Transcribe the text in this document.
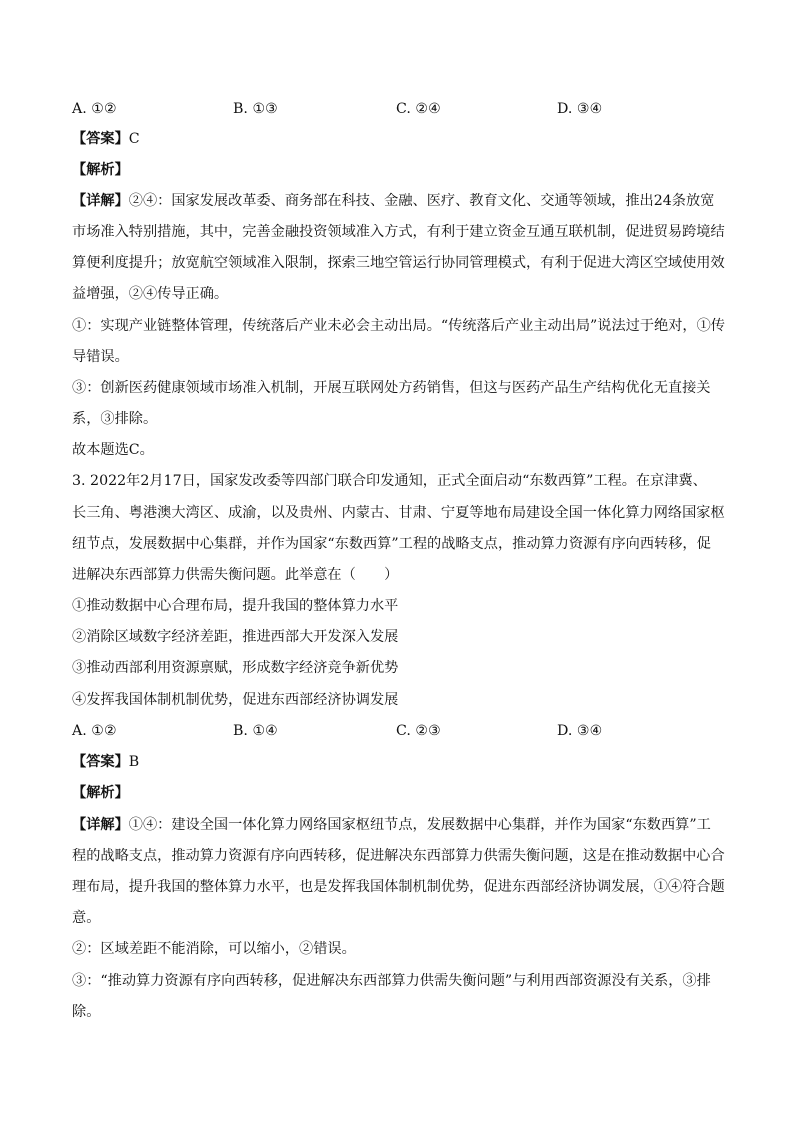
A. ①②	B. ①③	C. ②④	D. ③④
【答案】C
【解析】
【详解】②④：国家发展改革委、商务部在科技、金融、医疗、教育文化、交通等领域，推出24条放宽
市场准入特别措施，其中，完善金融投资领域准入方式，有利于建立资金互通互联机制，促进贸易跨境结
算便利度提升；放宽航空领域准入限制，探索三地空管运行协同管理模式，有利于促进大湾区空域使用效
益增强，②④传导正确。
①：实现产业链整体管理，传统落后产业未必会主动出局。“传统落后产业主动出局”说法过于绝对，①传
导错误。
③：创新医药健康领域市场准入机制，开展互联网处方药销售，但这与医药产品生产结构优化无直接关
系，③排除。
故本题选C。
3. 2022年2月17日，国家发改委等四部门联合印发通知，正式全面启动“东数西算”工程。在京津冀、
长三角、粤港澳大湾区、成渝，以及贵州、内蒙古、甘肃、宁夏等地布局建设全国一体化算力网络国家枢
纽节点，发展数据中心集群，并作为国家“东数西算”工程的战略支点，推动算力资源有序向西转移，促
进解决东西部算力供需失衡问题。此举意在（　　）
①推动数据中心合理布局，提升我国的整体算力水平
②消除区域数字经济差距，推进西部大开发深入发展
③推动西部利用资源禀赋，形成数字经济竞争新优势
④发挥我国体制机制优势，促进东西部经济协调发展
A. ①②	B. ①④	C. ②③	D. ③④
【答案】B
【解析】
【详解】①④：建设全国一体化算力网络国家枢纽节点，发展数据中心集群，并作为国家“东数西算”工
程的战略支点，推动算力资源有序向西转移，促进解决东西部算力供需失衡问题，这是在推动数据中心合
理布局，提升我国的整体算力水平，也是发挥我国体制机制优势，促进东西部经济协调发展，①④符合题
意。
②：区域差距不能消除，可以缩小，②错误。
③：“推动算力资源有序向西转移，促进解决东西部算力供需失衡问题”与利用西部资源没有关系，③排
除。
